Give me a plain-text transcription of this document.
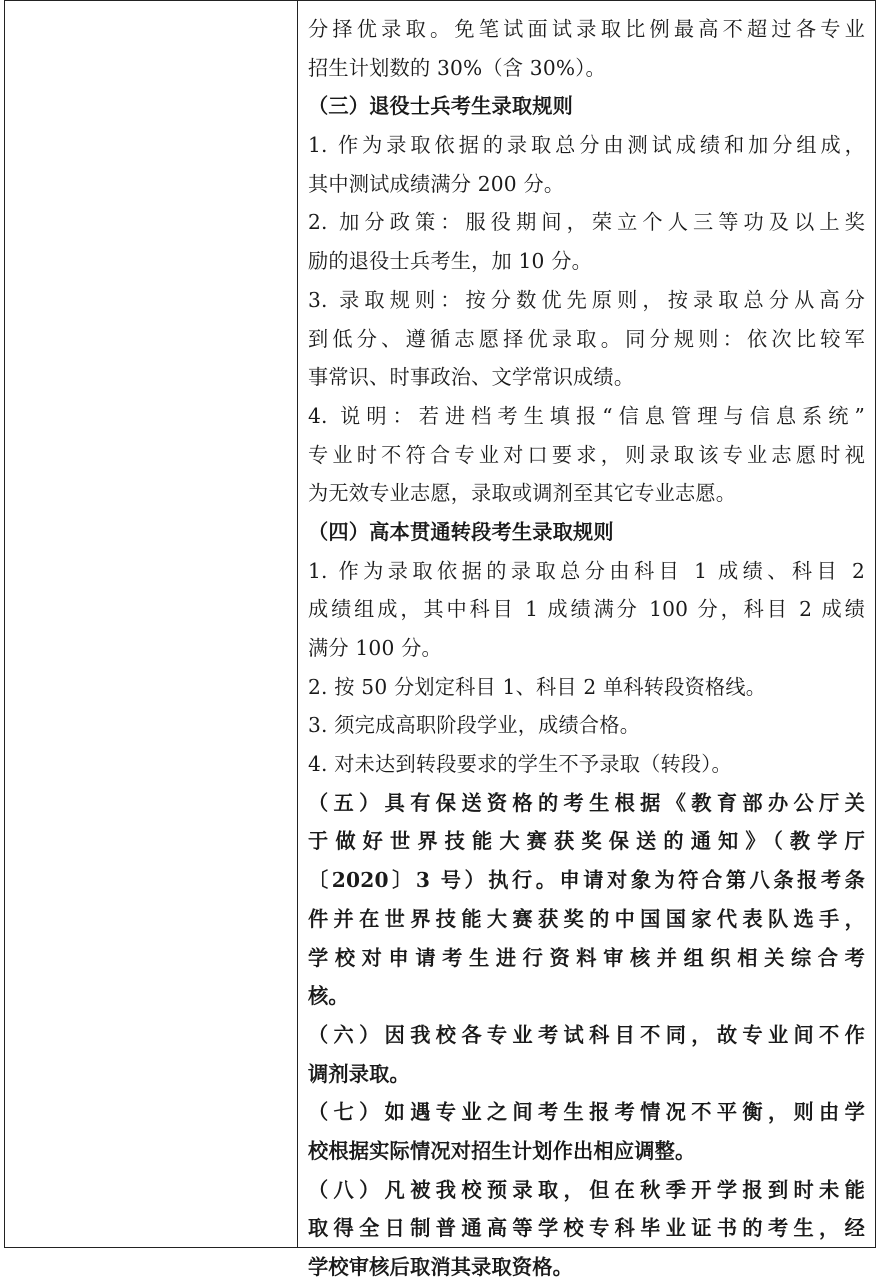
分择优录取。免笔试面试录取比例最高不超过各专业
招生计划数的 30%（含 30%）。
（三）退役士兵考生录取规则
1. 作为录取依据的录取总分由测试成绩和加分组成，
其中测试成绩满分 200 分。
2. 加分政策：服役期间，荣立个人三等功及以上奖
励的退役士兵考生，加 10 分。
3. 录取规则：按分数优先原则，按录取总分从高分
到低分、遵循志愿择优录取。同分规则：依次比较军
事常识、时事政治、文学常识成绩。
4. 说明：若进档考生填报“信息管理与信息系统”
专业时不符合专业对口要求，则录取该专业志愿时视
为无效专业志愿，录取或调剂至其它专业志愿。
（四）高本贯通转段考生录取规则
1. 作为录取依据的录取总分由科目 1 成绩、科目 2
成绩组成，其中科目 1 成绩满分 100 分，科目 2 成绩
满分 100 分。
2. 按 50 分划定科目 1、科目 2 单科转段资格线。
3. 须完成高职阶段学业，成绩合格。
4. 对未达到转段要求的学生不予录取（转段）。
（五）具有保送资格的考生根据《教育部办公厅关
于做好世界技能大赛获奖保送的通知》（教学厅
〔2020〕3 号）执行。申请对象为符合第八条报考条
件并在世界技能大赛获奖的中国国家代表队选手，
学校对申请考生进行资料审核并组织相关综合考
核。
（六）因我校各专业考试科目不同，故专业间不作
调剂录取。
（七）如遇专业之间考生报考情况不平衡，则由学
校根据实际情况对招生计划作出相应调整。
（八）凡被我校预录取，但在秋季开学报到时未能
取得全日制普通高等学校专科毕业证书的考生，经
学校审核后取消其录取资格。
